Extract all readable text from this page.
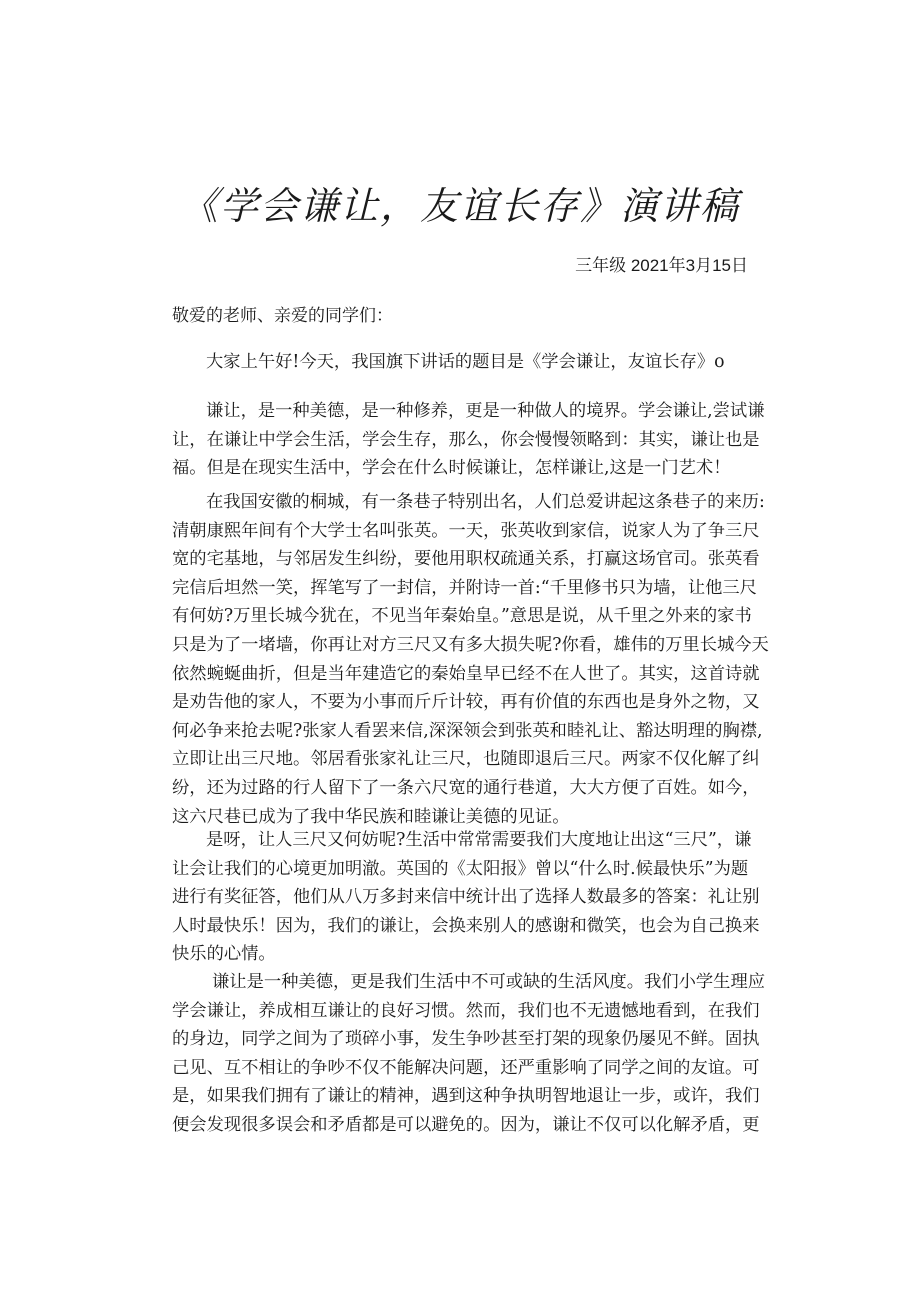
《学会谦让，友谊长存》演讲稿
三年级 2021年3月15日
敬爱的老师、亲爱的同学们：
大家上午好!今天，我国旗下讲话的题目是《学会谦让，友谊长存》o
谦让，是一种美德，是一种修养，更是一种做人的境界。学会谦让,尝试谦
让，在谦让中学会生活，学会生存，那么，你会慢慢领略到：其实，谦让也是
福。但是在现实生活中，学会在什么时候谦让，怎样谦让,这是一门艺术！
在我国安徽的桐城，有一条巷子特别出名，人们总爱讲起这条巷子的来历:
清朝康熙年间有个大学士名叫张英。一天，张英收到家信，说家人为了争三尺
宽的宅基地，与邻居发生纠纷，要他用职权疏通关系，打赢这场官司。张英看
完信后坦然一笑，挥笔写了一封信，并附诗一首:“千里修书只为墙，让他三尺
有何妨?万里长城今犹在，不见当年秦始皇。”意思是说，从千里之外来的家书
只是为了一堵墙，你再让对方三尺又有多大损失呢?你看，雄伟的万里长城今天
依然蜿蜒曲折，但是当年建造它的秦始皇早已经不在人世了。其实，这首诗就
是劝告他的家人，不要为小事而斤斤计较，再有价值的东西也是身外之物，又
何必争来抢去呢?张家人看罢来信,深深领会到张英和睦礼让、豁达明理的胸襟,
立即让出三尺地。邻居看张家礼让三尺，也随即退后三尺。两家不仅化解了纠
纷，还为过路的行人留下了一条六尺宽的通行巷道，大大方便了百姓。如今，
这六尺巷已成为了我中华民族和睦谦让美德的见证。
是呀，让人三尺又何妨呢?生活中常常需要我们大度地让出这“三尺”，谦
让会让我们的心境更加明澈。英国的《太阳报》曾以“什么时.候最快乐”为题
进行有奖征答，他们从八万多封来信中统计出了选择人数最多的答案：礼让别
人时最快乐！因为，我们的谦让，会换来别人的感谢和微笑，也会为自己换来
快乐的心情。
谦让是一种美德，更是我们生活中不可或缺的生活风度。我们小学生理应
学会谦让，养成相互谦让的良好习惯。然而，我们也不无遗憾地看到，在我们
的身边，同学之间为了琐碎小事，发生争吵甚至打架的现象仍屡见不鲜。固执
己见、互不相让的争吵不仅不能解决问题，还严重影响了同学之间的友谊。可
是，如果我们拥有了谦让的精神，遇到这种争执明智地退让一步，或许，我们
便会发现很多误会和矛盾都是可以避免的。因为，谦让不仅可以化解矛盾，更
